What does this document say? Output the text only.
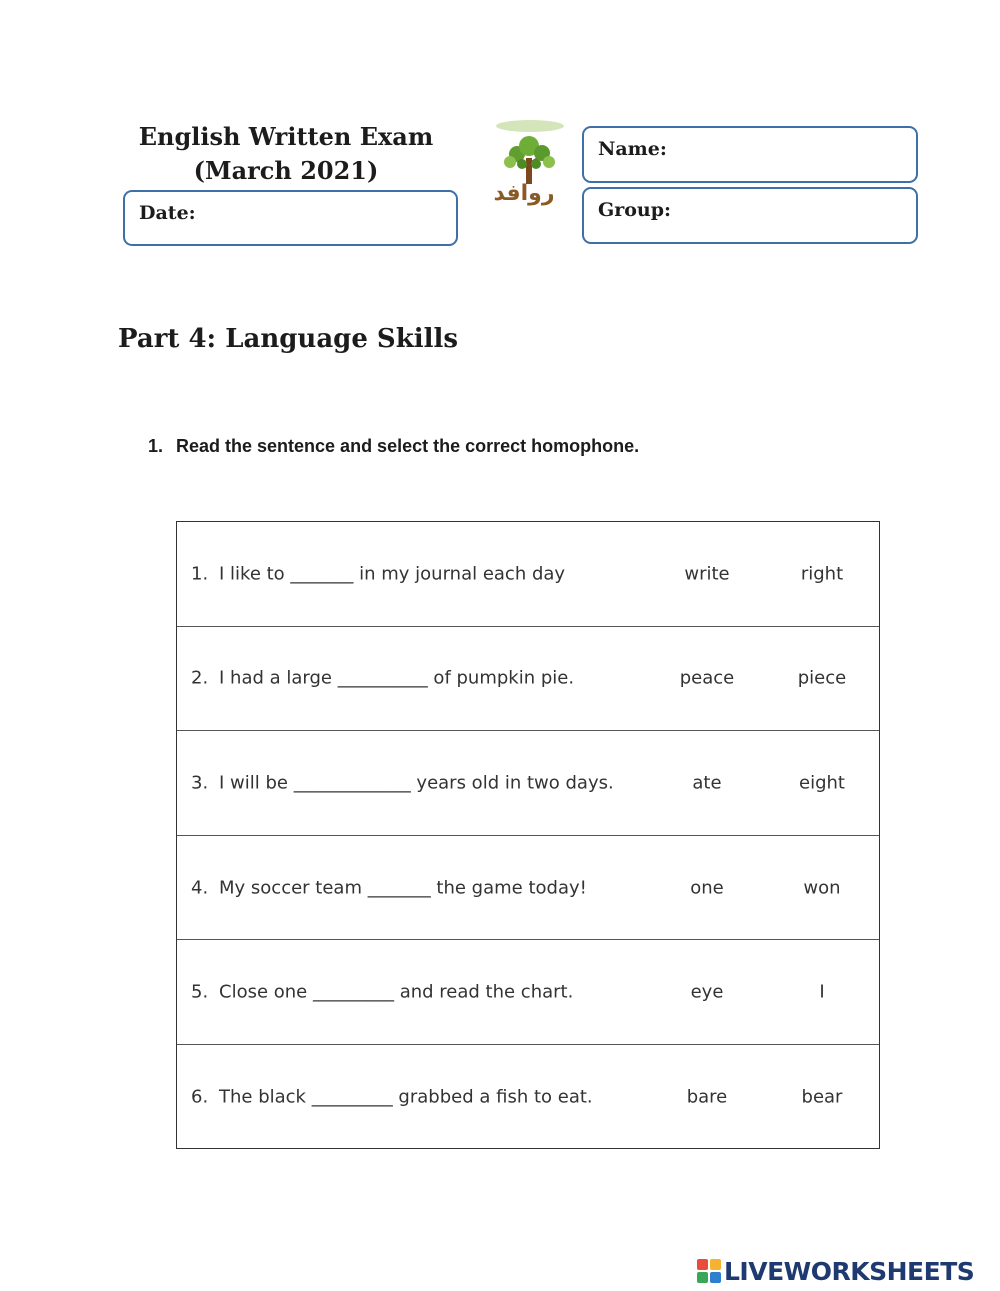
English Written Exam
(March 2021)
Date:
روافد
Name:
Group:
Part 4: Language Skills
1. Read the sentence and select the correct homophone.
1. I like to _______ in my journal each day	write	right
2. I had a large __________ of pumpkin pie.	peace	piece
3. I will be _____________ years old in two days.	ate	eight
4. My soccer team _______ the game today!	one	won
5. Close one _________ and read the chart.	eye	I
6. The black _________ grabbed a fish to eat.	bare	bear
LIVEWORKSHEETS
